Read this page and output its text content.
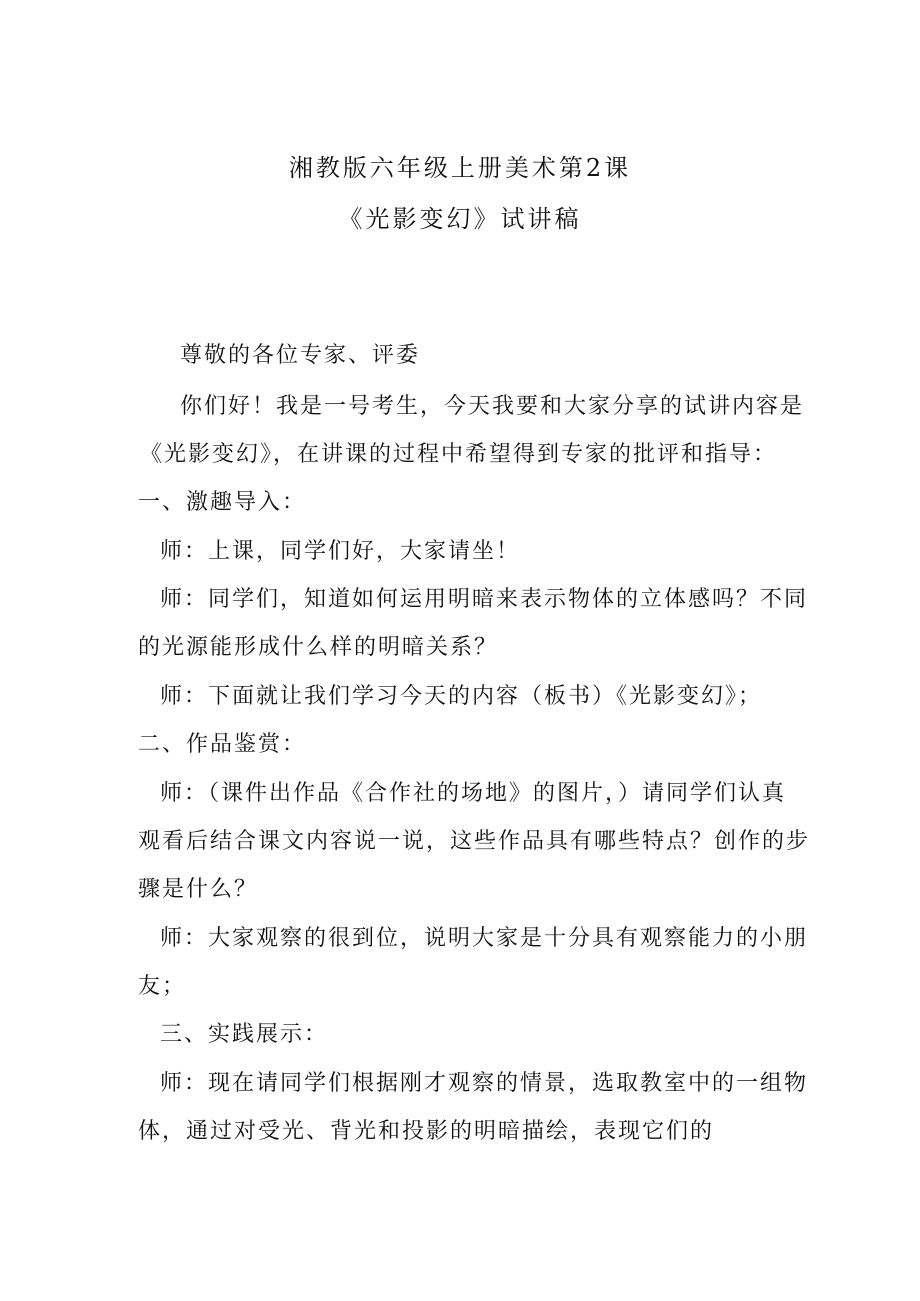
湘教版六年级上册美术第2课
《光影变幻》试讲稿
尊敬的各位专家、评委
你们好！我是一号考生，今天我要和大家分享的试讲内容是
《光影变幻》，在讲课的过程中希望得到专家的批评和指导：
一、激趣导入：
师：上课，同学们好，大家请坐！
师：同学们，知道如何运用明暗来表示物体的立体感吗？不同
的光源能形成什么样的明暗关系？
师：下面就让我们学习今天的内容（板书）《光影变幻》；
二、作品鉴赏：
师：（课件出作品《合作社的场地》的图片，）请同学们认真
观看后结合课文内容说一说，这些作品具有哪些特点？创作的步
骤是什么？
师：大家观察的很到位，说明大家是十分具有观察能力的小朋
友；
三、实践展示：
师：现在请同学们根据刚才观察的情景，选取教室中的一组物
体，通过对受光、背光和投影的明暗描绘，表现它们的
